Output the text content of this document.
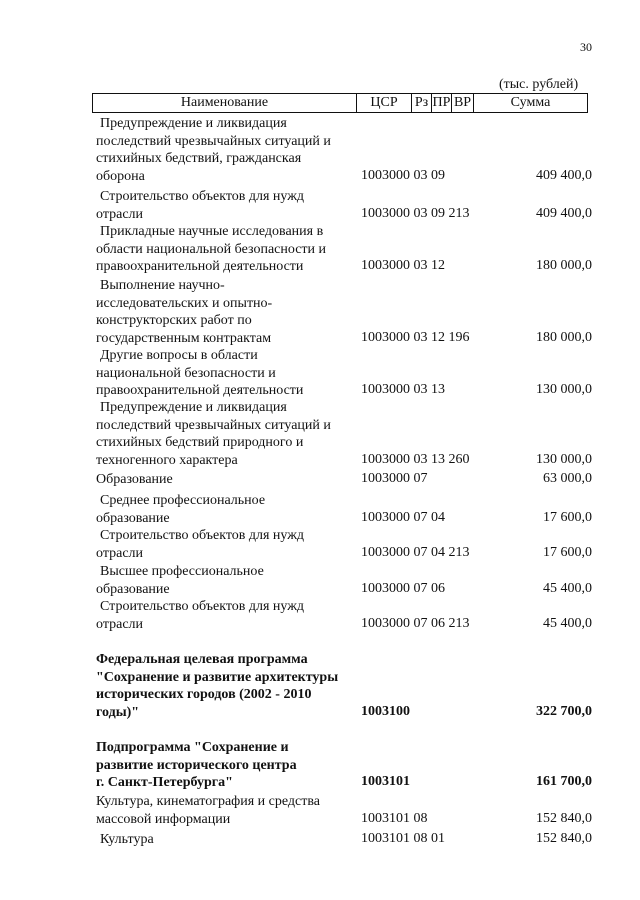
30
(тыс. рублей)
Наименование	ЦСР	Рз ПР ВР	Сумма
Предупреждение и ликвидация
последствий чрезвычайных ситуаций и
стихийных бедствий, гражданская
оборона	1003000 03 09	409 400,0
Строительство объектов для нужд
отрасли	1003000 03 09 213	409 400,0
Прикладные научные исследования в
области национальной безопасности и
правоохранительной деятельности	1003000 03 12	180 000,0
Выполнение научно-
исследовательских и опытно-
конструкторских работ по
государственным контрактам	1003000 03 12 196	180 000,0
Другие вопросы в области
национальной безопасности и
правоохранительной деятельности	1003000 03 13	130 000,0
Предупреждение и ликвидация
последствий чрезвычайных ситуаций и
стихийных бедствий природного и
техногенного характера	1003000 03 13 260	130 000,0
Образование	1003000 07	63 000,0
Среднее профессиональное
образование	1003000 07 04	17 600,0
Строительство объектов для нужд
отрасли	1003000 07 04 213	17 600,0
Высшее профессиональное
образование	1003000 07 06	45 400,0
Строительство объектов для нужд
отрасли	1003000 07 06 213	45 400,0
Федеральная целевая программа
"Сохранение и развитие архитектуры
исторических городов (2002 - 2010
годы)"	1003100	322 700,0
Подпрограмма "Сохранение и
развитие исторического центра
г. Санкт-Петербурга"	1003101	161 700,0
Культура, кинематография и средства
массовой информации	1003101 08	152 840,0
Культура	1003101 08 01	152 840,0
